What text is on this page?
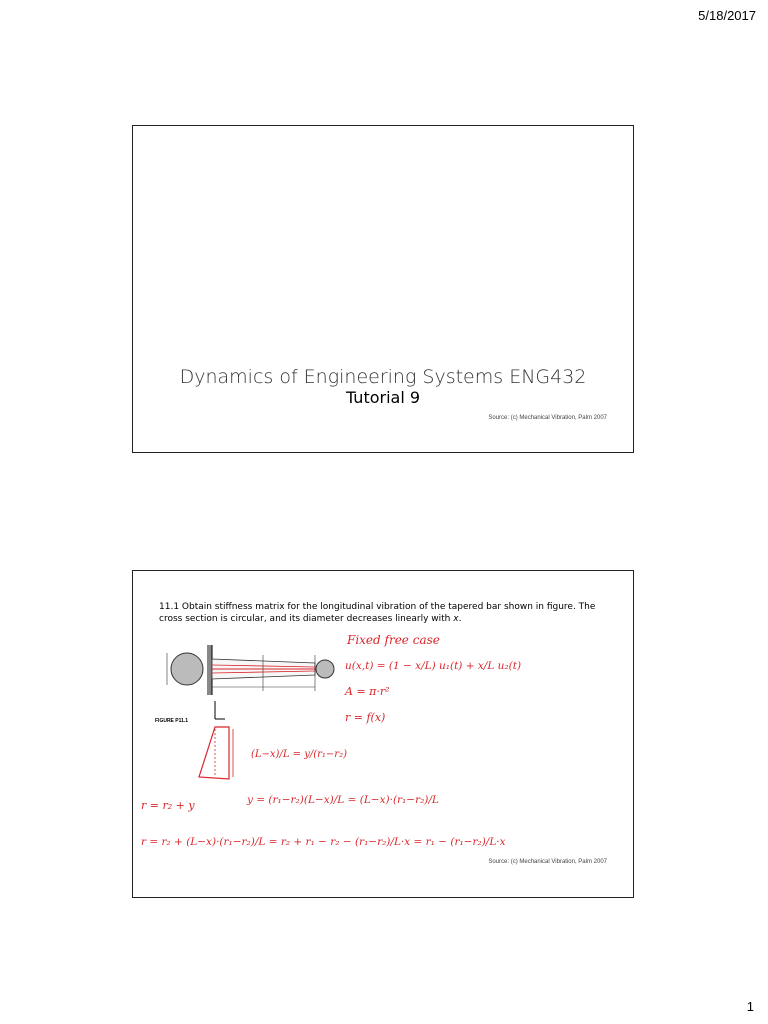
5/18/2017
Dynamics of Engineering Systems ENG432
Tutorial 9
Source: (c) Mechanical Vibration, Palm 2007
11.1 Obtain stiffness matrix for the longitudinal vibration of the tapered bar shown in figure. The cross section is circular, and its diameter decreases linearly with x.
FIGURE P11.1
Fixed free case
u(x,t) = (1 − x/L) u₁(t) + x/L u₂(t)
A = π·r²
r = f(x)
(L−x)/L = y/(r₁−r₂)
r = r₂ + y	y = (r₁−r₂)(L−x)/L = (L−x)·(r₁−r₂)/L
r = r₂ + (L−x)·(r₁−r₂)/L = r₂ + r₁ − r₂ − (r₁−r₂)/L·x = r₁ − (r₁−r₂)/L·x
Source: (c) Mechanical Vibration, Palm 2007
1
